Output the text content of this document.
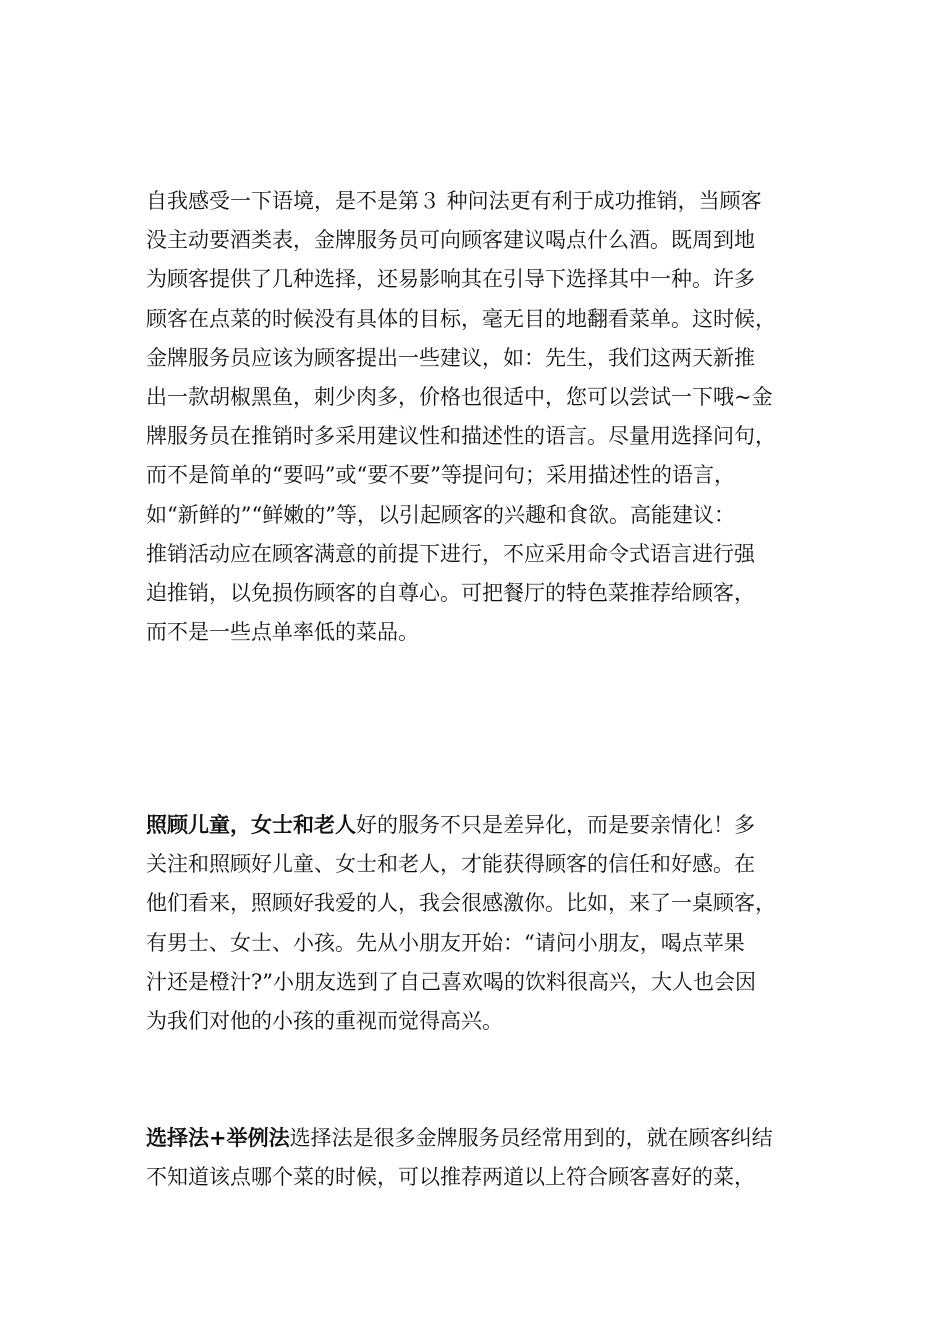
自我感受一下语境，是不是第３ 种问法更有利于成功推销，当顾客
没主动要酒类表，金牌服务员可向顾客建议喝点什么酒。既周到地
为顾客提供了几种选择，还易影响其在引导下选择其中一种。许多
顾客在点菜的时候没有具体的目标，毫无目的地翻看菜单。这时候，
金牌服务员应该为顾客提出一些建议，如：先生，我们这两天新推
出一款胡椒黑鱼，刺少肉多，价格也很适中，您可以尝试一下哦~金
牌服务员在推销时多采用建议性和描述性的语言。尽量用选择问句，
而不是简单的“要吗”或“要不要”等提问句；采用描述性的语言，
如“新鲜的”“鲜嫩的”等，以引起顾客的兴趣和食欲。高能建议：
推销活动应在顾客满意的前提下进行，不应采用命令式语言进行强
迫推销，以免损伤顾客的自尊心。可把餐厅的特色菜推荐给顾客，
而不是一些点单率低的菜品。
照顾儿童，女士和老人好的服务不只是差异化，而是要亲情化！多
关注和照顾好儿童、女士和老人，才能获得顾客的信任和好感。在
他们看来，照顾好我爱的人，我会很感激你。比如，来了一桌顾客，
有男士、女士、小孩。先从小朋友开始：“请问小朋友，喝点苹果
汁还是橙汁?”小朋友选到了自己喜欢喝的饮料很高兴，大人也会因
为我们对他的小孩的重视而觉得高兴。
选择法+举例法选择法是很多金牌服务员经常用到的，就在顾客纠结
不知道该点哪个菜的时候，可以推荐两道以上符合顾客喜好的菜，
